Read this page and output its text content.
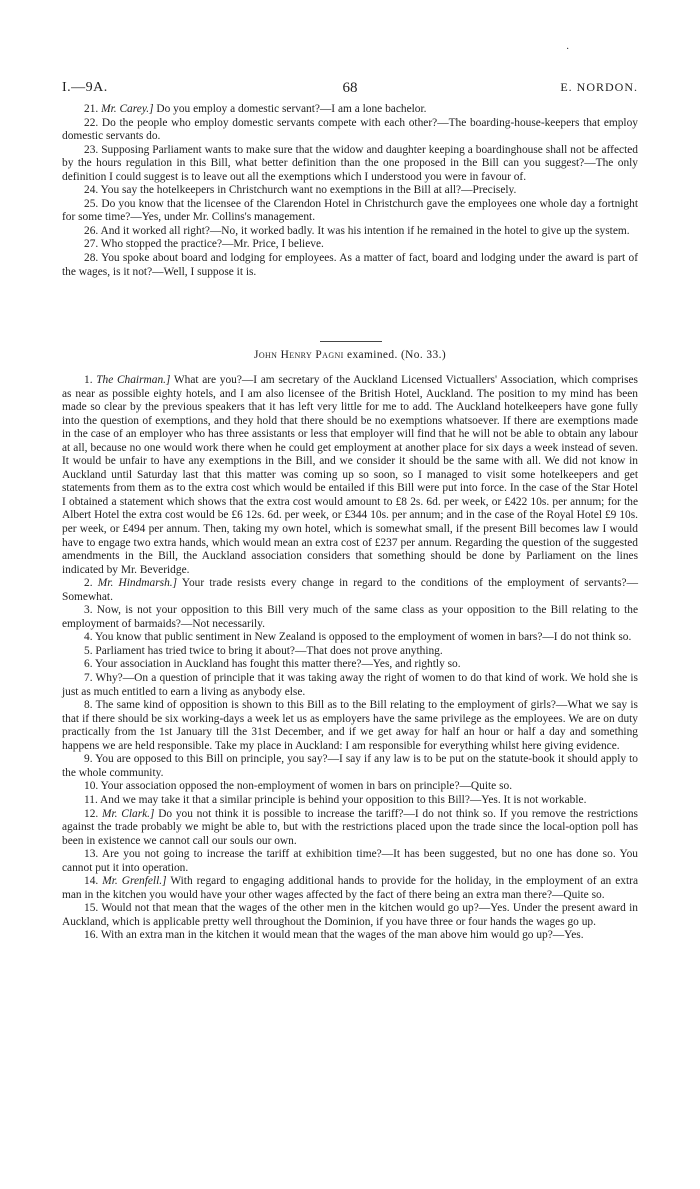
·
I.—9A.	68	E. NORDON.

21. Mr. Carey.] Do you employ a domestic servant?—I am a lone bachelor.

22. Do the people who employ domestic servants compete with each other?—The boarding-house-keepers that employ domestic servants do.

23. Supposing Parliament wants to make sure that the widow and daughter keeping a boardinghouse shall not be affected by the hours regulation in this Bill, what better definition than the one proposed in the Bill can you suggest?—The only definition I could suggest is to leave out all the exemptions which I understood you were in favour of.

24. You say the hotelkeepers in Christchurch want no exemptions in the Bill at all?—Precisely.

25. Do you know that the licensee of the Clarendon Hotel in Christchurch gave the employees one whole day a fortnight for some time?—Yes, under Mr. Collins's management.

26. And it worked all right?—No, it worked badly. It was his intention if he remained in the hotel to give up the system.

27. Who stopped the practice?—Mr. Price, I believe.

28. You spoke about board and lodging for employees. As a matter of fact, board and lodging under the award is part of the wages, is it not?—Well, I suppose it is.

John Henry Pagni examined. (No. 33.)

1. The Chairman.] What are you?—I am secretary of the Auckland Licensed Victuallers' Association, which comprises as near as possible eighty hotels, and I am also licensee of the British Hotel, Auckland. The position to my mind has been made so clear by the previous speakers that it has left very little for me to add. The Auckland hotelkeepers have gone fully into the question of exemptions, and they hold that there should be no exemptions whatsoever. If there are exemptions made in the case of an employer who has three assistants or less that employer will find that he will not be able to obtain any labour at all, because no one would work there when he could get employment at another place for six days a week instead of seven. It would be unfair to have any exemptions in the Bill, and we consider it should be the same with all. We did not know in Auckland until Saturday last that this matter was coming up so soon, so I managed to visit some hotelkeepers and get statements from them as to the extra cost which would be entailed if this Bill were put into force. In the case of the Star Hotel I obtained a statement which shows that the extra cost would amount to £8 2s. 6d. per week, or £422 10s. per annum; for the Albert Hotel the extra cost would be £6 12s. 6d. per week, or £344 10s. per annum; and in the case of the Royal Hotel £9 10s. per week, or £494 per annum. Then, taking my own hotel, which is somewhat small, if the present Bill becomes law I would have to engage two extra hands, which would mean an extra cost of £237 per annum. Regarding the question of the suggested amendments in the Bill, the Auckland association considers that something should be done by Parliament on the lines indicated by Mr. Beveridge.

2. Mr. Hindmarsh.] Your trade resists every change in regard to the conditions of the employment of servants?—Somewhat.

3. Now, is not your opposition to this Bill very much of the same class as your opposition to the Bill relating to the employment of barmaids?—Not necessarily.

4. You know that public sentiment in New Zealand is opposed to the employment of women in bars?—I do not think so.

5. Parliament has tried twice to bring it about?—That does not prove anything.

6. Your association in Auckland has fought this matter there?—Yes, and rightly so.

7. Why?—On a question of principle that it was taking away the right of women to do that kind of work. We hold she is just as much entitled to earn a living as anybody else.

8. The same kind of opposition is shown to this Bill as to the Bill relating to the employment of girls?—What we say is that if there should be six working-days a week let us as employers have the same privilege as the employees. We are on duty practically from the 1st January till the 31st December, and if we get away for half an hour or half a day and something happens we are held responsible. Take my place in Auckland: I am responsible for everything whilst here giving evidence.

9. You are opposed to this Bill on principle, you say?—I say if any law is to be put on the statute-book it should apply to the whole community.

10. Your association opposed the non-employment of women in bars on principle?—Quite so.

11. And we may take it that a similar principle is behind your opposition to this Bill?—Yes. It is not workable.

12. Mr. Clark.] Do you not think it is possible to increase the tariff?—I do not think so. If you remove the restrictions against the trade probably we might be able to, but with the restrictions placed upon the trade since the local-option poll has been in existence we cannot call our souls our own.

13. Are you not going to increase the tariff at exhibition time?—It has been suggested, but no one has done so. You cannot put it into operation.

14. Mr. Grenfell.] With regard to engaging additional hands to provide for the holiday, in the employment of an extra man in the kitchen you would have your other wages affected by the fact of there being an extra man there?—Quite so.

15. Would not that mean that the wages of the other men in the kitchen would go up?—Yes. Under the present award in Auckland, which is applicable pretty well throughout the Dominion, if you have three or four hands the wages go up.

16. With an extra man in the kitchen it would mean that the wages of the man above him would go up?—Yes.
